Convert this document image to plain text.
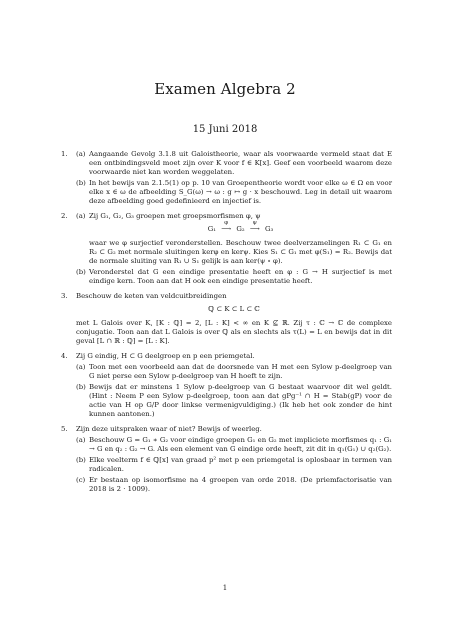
Examen Algebra 2
15 Juni 2018
1. (a) Aangaande Gevolg 3.1.8 uit Galoistheorie, waar als voorwaarde vermeld staat dat E een ontbindingsveld moet zijn over K voor f ∈ K[x]. Geef een voorbeeld waarom deze voorwaarde niet kan worden weggelaten.
(b) In het bewijs van 2.1.5(1) op p. 10 van Groepentheorie wordt voor elke ω ∈ Ω en voor elke x ∈ ω de afbeelding S_G(ω) → ω : g ↦ g · x beschouwd. Leg in detail uit waarom deze afbeelding goed gedefinieerd en injectief is.
2. (a) Zij G₁, G₂, G₃ groepen met groepsmorfismen φ, ψ
G₁
φ
⟶ G₂
ψ
⟶ G₃
waar we φ surjectief veronderstellen. Beschouw twee deelverzamelingen R₁ ⊂ G₁ en R₂ ⊂ G₂ met normale sluitingen kerφ en kerψ. Kies S₁ ⊂ G₁ met φ(S₁) = R₂. Bewijs dat de normale sluiting van R₁ ∪ S₁ gelijk is aan ker(ψ ∘ φ).
(b) Veronderstel dat G een eindige presentatie heeft en φ : G → H surjectief is met eindige kern. Toon aan dat H ook een eindige presentatie heeft.
3. Beschouw de keten van veldcuitbreidingen
ℚ ⊂ K ⊂ L ⊂ ℂ
met L Galois over K, [K : ℚ] = 2, [L : K] < ∞ en K ⊈ ℝ. Zij τ : ℂ → ℂ de complexe conjugatie. Toon aan dat L Galois is over ℚ als en slechts als τ(L) = L en bewijs dat in dit geval [L ∩ ℝ : ℚ] = [L : K].
4. Zij G eindig, H ⊂ G deelgroep en p een priemgetal.
(a) Toon met een voorbeeld aan dat de doorsnede van H met een Sylow p-deelgroep van G niet perse een Sylow p-deelgroep van H hoeft te zijn.
(b) Bewijs dat er minstens 1 Sylow p-deelgroep van G bestaat waarvoor dit wel geldt. (Hint : Neem P een Sylow p-deelgroep, toon aan dat gPg⁻¹ ∩ H = Stab(gP) voor de actie van H op G/P door linkse vermenigvuldiging.) (Ik heb het ook zonder de hint kunnen aantonen.)
5. Zijn deze uitspraken waar of niet? Bewijs of weerleg.
(a) Beschouw G = G₁ ∗ G₂ voor eindige groepen G₁ en G₂ met impliciete morfismes q₁ : G₁ → G en q₂ : G₂ → G. Als een element van G eindige orde heeft, zit dit in q₁(G₁) ∪ q₂(G₂).
(b) Elke veelterm f ∈ ℚ[x] van graad p² met p een priemgetal is oplosbaar in termen van radicalen.
(c) Er bestaan op isomorfisme na 4 groepen van orde 2018. (De priemfactorisatie van 2018 is 2 · 1009).
1
